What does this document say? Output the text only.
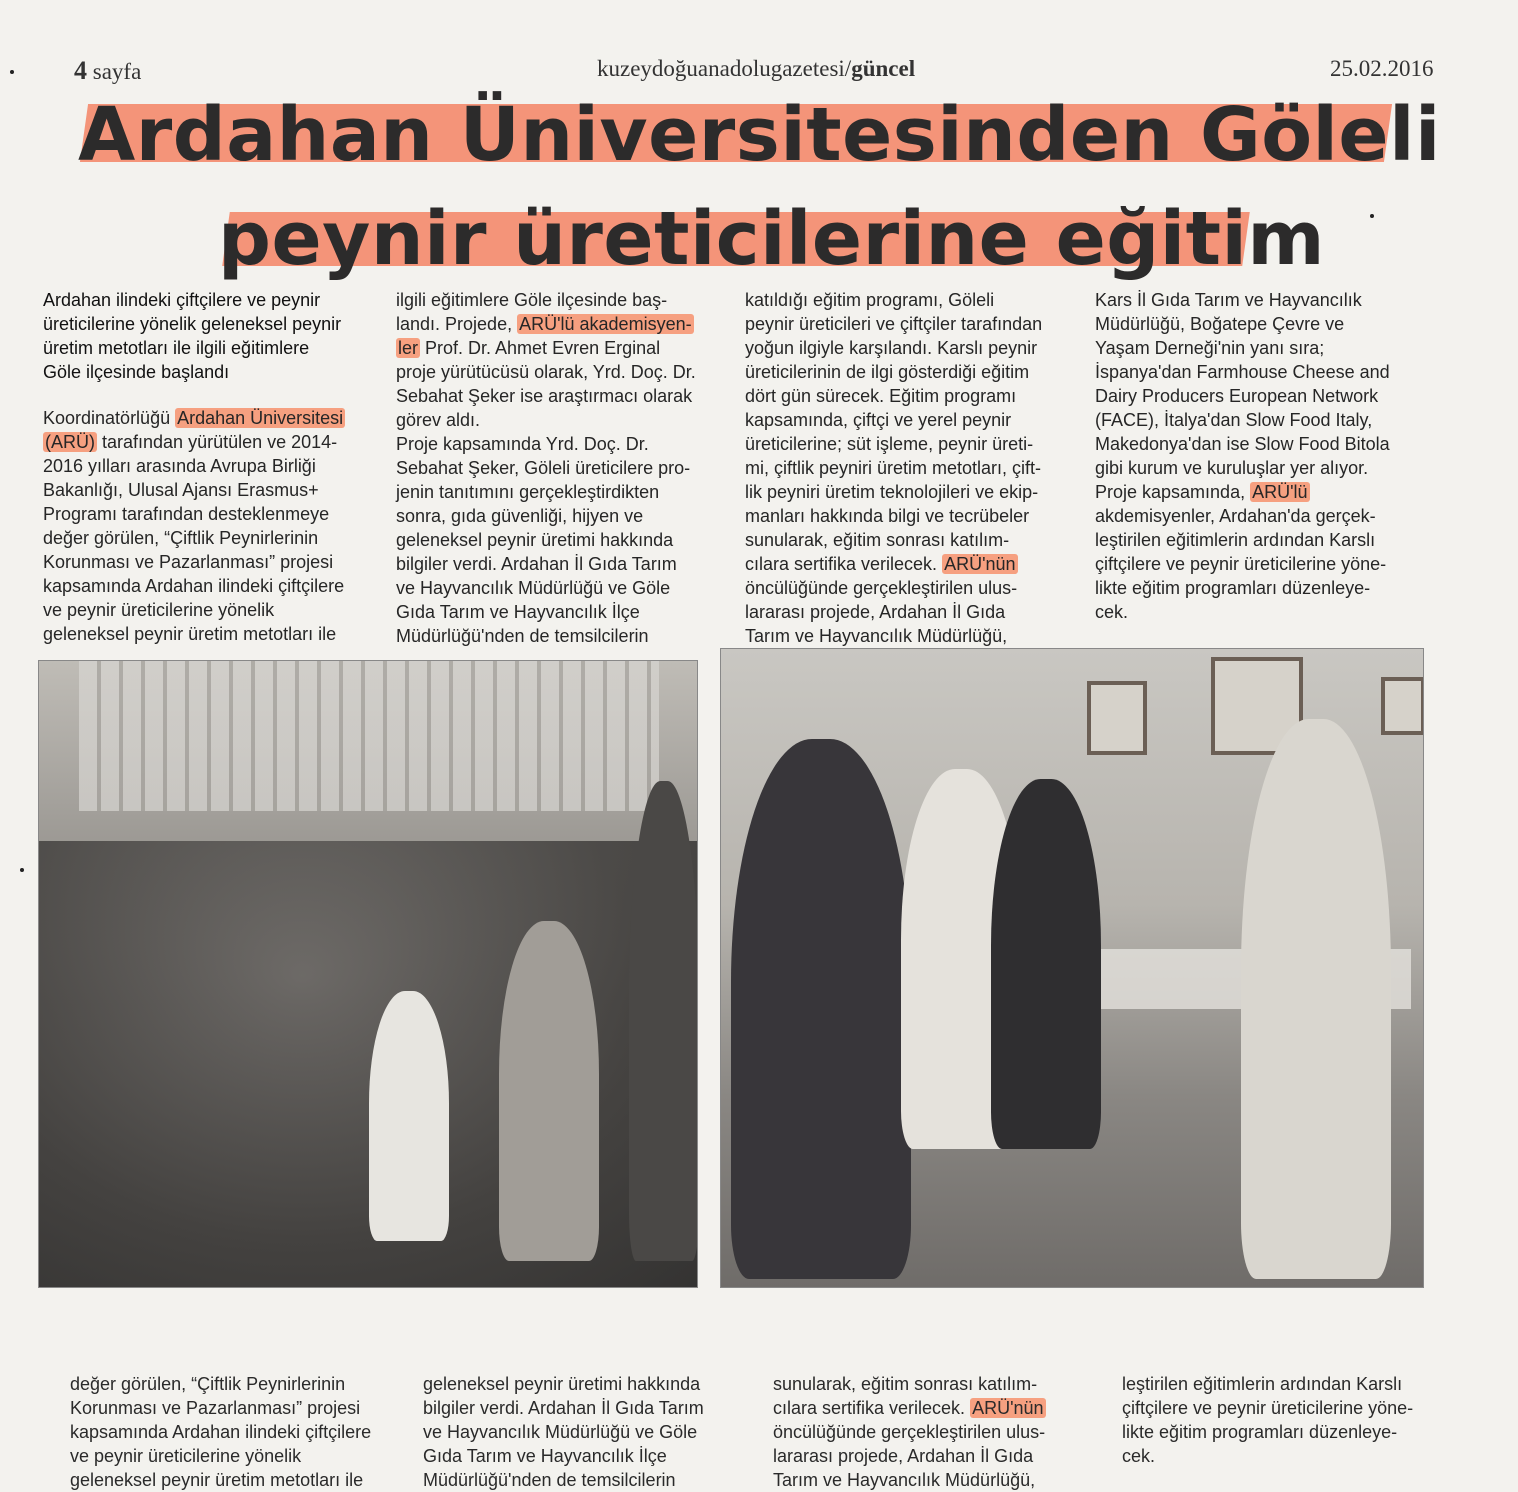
4 sayfa	kuzeydoğuanadolugazetesi/güncel	25.02.2016
Ardahan Üniversitesinden Göleli
peynir üreticilerine eğitim

Ardahan ilindeki çiftçilere ve peynir

üreticilerine yönelik geleneksel peynir

üretim metotları ile ilgili eğitimlere

Göle ilçesinde başlandı

Koordinatörlüğü Ardahan Üniversitesi

(ARÜ) tarafından yürütülen ve 2014-

2016 yılları arasında Avrupa Birliği

Bakanlığı, Ulusal Ajansı Erasmus+

Programı tarafından desteklenmeye

değer görülen, “Çiftlik Peynirlerinin

Korunması ve Pazarlanması” projesi

kapsamında Ardahan ilindeki çiftçilere

ve peynir üreticilerine yönelik

geleneksel peynir üretim metotları ile

ilgili eğitimlere Göle ilçesinde baş-

landı. Projede, ARÜ'lü akademisyen-

ler Prof. Dr. Ahmet Evren Erginal

proje yürütücüsü olarak, Yrd. Doç. Dr.

Sebahat Şeker ise araştırmacı olarak

görev aldı.

Proje kapsamında Yrd. Doç. Dr.

Sebahat Şeker, Göleli üreticilere pro-

jenin tanıtımını gerçekleştirdikten

sonra, gıda güvenliği, hijyen ve

geleneksel peynir üretimi hakkında

bilgiler verdi. Ardahan İl Gıda Tarım

ve Hayvancılık Müdürlüğü ve Göle

Gıda Tarım ve Hayvancılık İlçe

Müdürlüğü'nden de temsilcilerin

katıldığı eğitim programı, Göleli

peynir üreticileri ve çiftçiler tarafından

yoğun ilgiyle karşılandı. Karslı peynir

üreticilerinin de ilgi gösterdiği eğitim

dört gün sürecek. Eğitim programı

kapsamında, çiftçi ve yerel peynir

üreticilerine; süt işleme, peynir üreti-

mi, çiftlik peyniri üretim metotları, çift-

lik peyniri üretim teknolojileri ve ekip-

manları hakkında bilgi ve tecrübeler

sunularak, eğitim sonrası katılım-

cılara sertifika verilecek. ARÜ'nün

öncülüğünde gerçekleştirilen ulus-

lararası projede, Ardahan İl Gıda

Tarım ve Hayvancılık Müdürlüğü,

Kars İl Gıda Tarım ve Hayvancılık

Müdürlüğü, Boğatepe Çevre ve

Yaşam Derneği'nin yanı sıra;

İspanya'dan Farmhouse Cheese and

Dairy Producers European Network

(FACE), İtalya'dan Slow Food Italy,

Makedonya'dan ise Slow Food Bitola

gibi kurum ve kuruluşlar yer alıyor.

Proje kapsamında, ARÜ'lü

akdemisyenler, Ardahan'da gerçek-

leştirilen eğitimlerin ardından Karslı

çiftçilere ve peynir üreticilerine yöne-

likte eğitim programları düzenleye-

cek.

değer görülen, “Çiftlik Peynirlerinin

Korunması ve Pazarlanması” projesi

kapsamında Ardahan ilindeki çiftçilere

ve peynir üreticilerine yönelik

geleneksel peynir üretim metotları ile

geleneksel peynir üretimi hakkında

bilgiler verdi. Ardahan İl Gıda Tarım

ve Hayvancılık Müdürlüğü ve Göle

Gıda Tarım ve Hayvancılık İlçe

Müdürlüğü'nden de temsilcilerin

sunularak, eğitim sonrası katılım-

cılara sertifika verilecek. ARÜ'nün

öncülüğünde gerçekleştirilen ulus-

lararası projede, Ardahan İl Gıda

Tarım ve Hayvancılık Müdürlüğü,

leştirilen eğitimlerin ardından Karslı

çiftçilere ve peynir üreticilerine yöne-

likte eğitim programları düzenleye-

cek.
